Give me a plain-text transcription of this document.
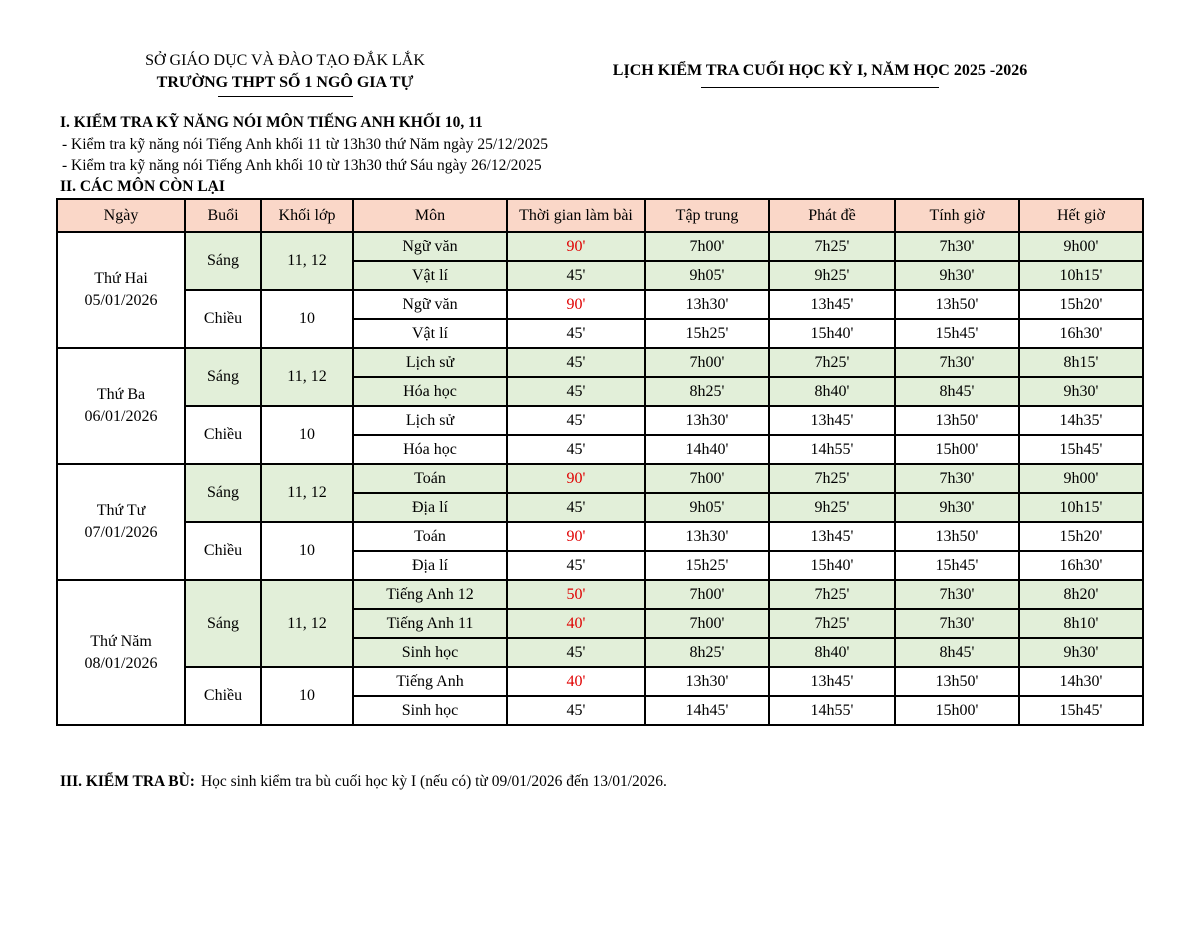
SỞ GIÁO DỤC VÀ ĐÀO TẠO ĐẮK LẮK
TRƯỜNG THPT SỐ 1 NGÔ GIA TỰ
LỊCH KIỂM TRA CUỐI HỌC KỲ I, NĂM HỌC 2025 -2026
I. KIỂM TRA KỸ NĂNG NÓI MÔN TIẾNG ANH KHỐI 10, 11
- Kiểm tra kỹ năng nói Tiếng Anh khối 11 từ 13h30 thứ Năm ngày 25/12/2025
- Kiểm tra kỹ năng nói Tiếng Anh khối 10 từ 13h30 thứ Sáu ngày 26/12/2025
II. CÁC MÔN CÒN LẠI
Ngày	Buổi	Khối lớp	Môn	Thời gian làm bài	Tập trung	Phát đề	Tính giờ	Hết giờ

Thứ Hai
05/01/2026	Sáng	11, 12	Ngữ văn	90'	7h00'	7h25'	7h30'	9h00'
			Vật lí	45'	9h05'	9h25'	9h30'	10h15'
	Chiều	10	Ngữ văn	90'	13h30'	13h45'	13h50'	15h20'
			Vật lí	45'	15h25'	15h40'	15h45'	16h30'

Thứ Ba
06/01/2026	Sáng	11, 12	Lịch sử	45'	7h00'	7h25'	7h30'	8h15'
			Hóa học	45'	8h25'	8h40'	8h45'	9h30'
	Chiều	10	Lịch sử	45'	13h30'	13h45'	13h50'	14h35'
			Hóa học	45'	14h40'	14h55'	15h00'	15h45'

Thứ Tư
07/01/2026	Sáng	11, 12	Toán	90'	7h00'	7h25'	7h30'	9h00'
			Địa lí	45'	9h05'	9h25'	9h30'	10h15'
	Chiều	10	Toán	90'	13h30'	13h45'	13h50'	15h20'
			Địa lí	45'	15h25'	15h40'	15h45'	16h30'

Thứ Năm
08/01/2026	Sáng	11, 12	Tiếng Anh 12	50'	7h00'	7h25'	7h30'	8h20'
			Tiếng Anh 11	40'	7h00'	7h25'	7h30'	8h10'
			Sinh học	45'	8h25'	8h40'	8h45'	9h30'
	Chiều	10	Tiếng Anh	40'	13h30'	13h45'	13h50'	14h30'
			Sinh học	45'	14h45'	14h55'	15h00'	15h45'
III. KIỂM TRA BÙ: Học sinh kiểm tra bù cuối học kỳ I (nếu có) từ 09/01/2026 đến 13/01/2026.
